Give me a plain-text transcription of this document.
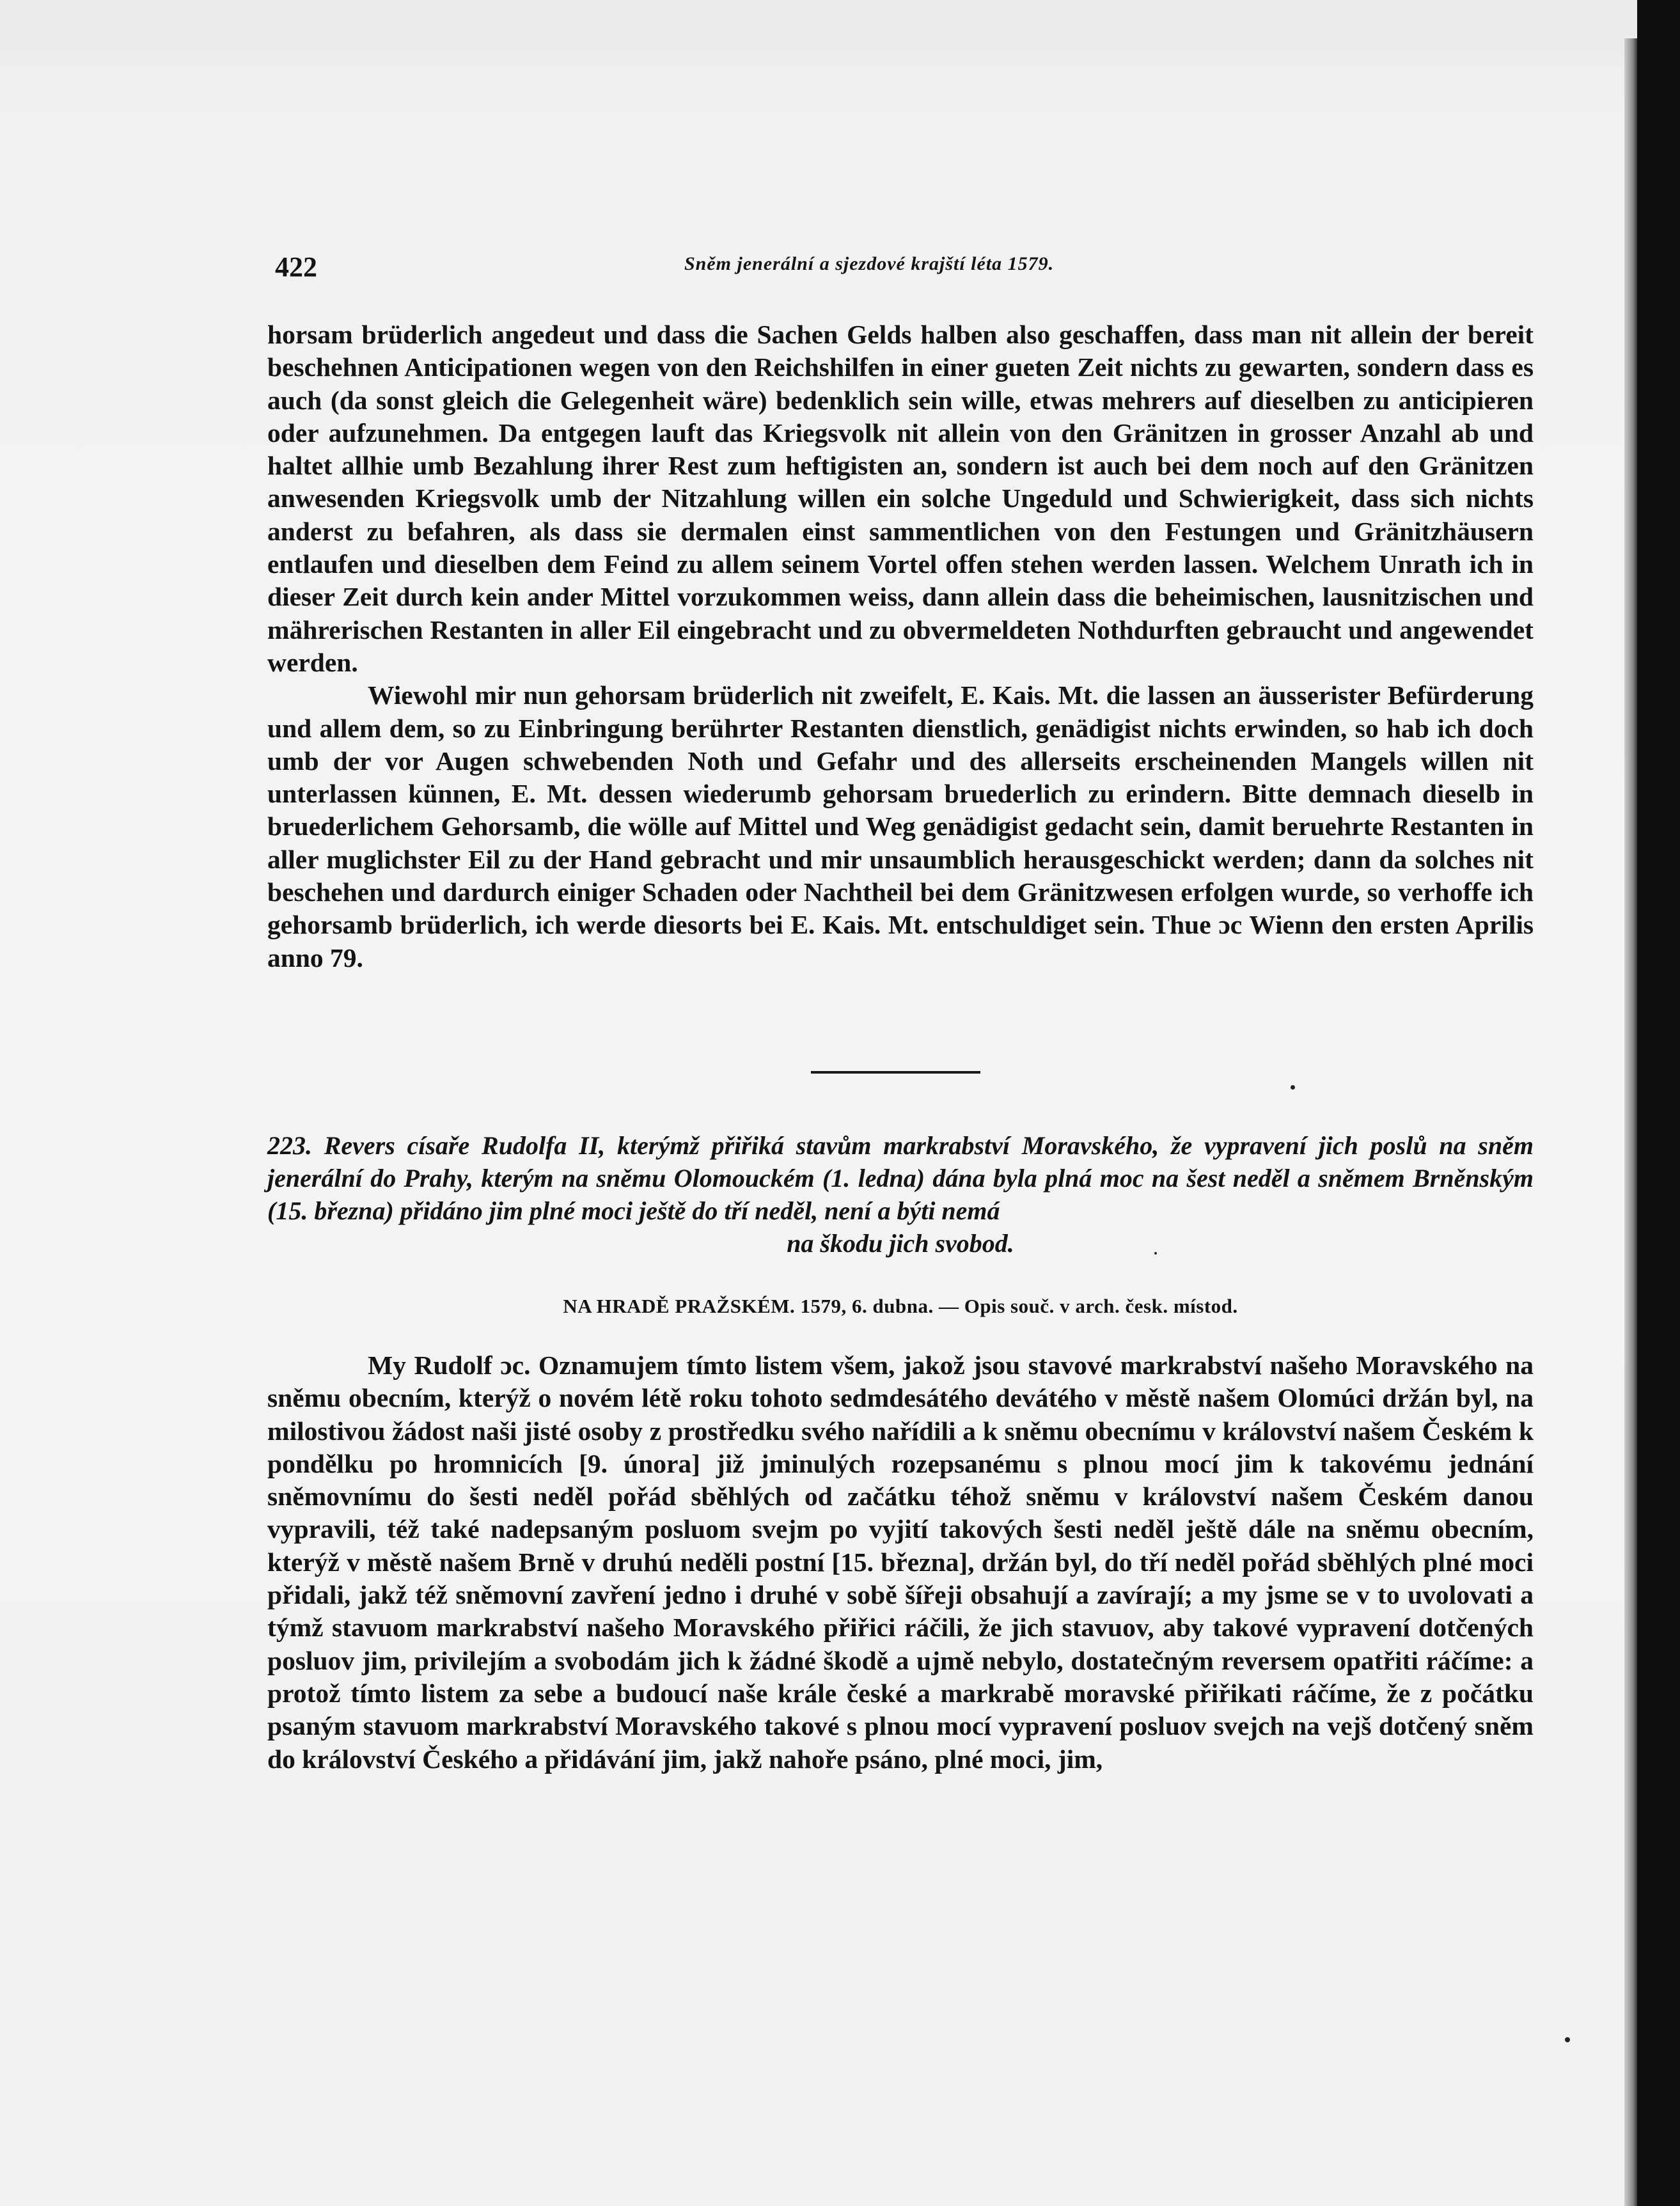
422	Sněm jenerální a sjezdové krajští léta 1579.

horsam brüderlich angedeut und dass die Sachen Gelds halben also geschaffen, dass man nit allein der bereit beschehnen Anticipationen wegen von den Reichshilfen in einer gueten Zeit nichts zu gewarten, sondern dass es auch (da sonst gleich die Gelegenheit wäre) bedenklich sein wille, etwas mehrers auf dieselben zu anticipieren oder aufzunehmen. Da entgegen lauft das Kriegsvolk nit allein von den Gränitzen in grosser Anzahl ab und haltet allhie umb Bezahlung ihrer Rest zum heftigisten an, sondern ist auch bei dem noch auf den Gränitzen anwesenden Kriegsvolk umb der Nitzahlung willen ein solche Ungeduld und Schwierigkeit, dass sich nichts anderst zu befahren, als dass sie dermalen einst sammentlichen von den Festungen und Gränitzhäusern entlaufen und dieselben dem Feind zu allem seinem Vortel offen stehen werden lassen. Welchem Unrath ich in dieser Zeit durch kein ander Mittel vorzukommen weiss, dann allein dass die beheimischen, lausnitzischen und mährerischen Restanten in aller Eil eingebracht und zu obvermeldeten Nothdurften gebraucht und angewendet werden.

Wiewohl mir nun gehorsam brüderlich nit zweifelt, E. Kais. Mt. die lassen an äusserister Befürderung und allem dem, so zu Einbringung berührter Restanten dienstlich, genädigist nichts erwinden, so hab ich doch umb der vor Augen schwebenden Noth und Gefahr und des allerseits erscheinenden Mangels willen nit unterlassen künnen, E. Mt. dessen wiederumb gehorsam bruederlich zu erindern. Bitte demnach dieselb in bruederlichem Gehorsamb, die wölle auf Mittel und Weg genädigist gedacht sein, damit beruehrte Restanten in aller muglichster Eil zu der Hand gebracht und mir unsaumblich herausgeschickt werden; dann da solches nit beschehen und dardurch einiger Schaden oder Nachtheil bei dem Gränitzwesen erfolgen wurde, so verhoffe ich gehorsamb brüderlich, ich werde diesorts bei E. Kais. Mt. entschuldiget sein. Thue ɔc Wienn den ersten Aprilis anno 79.

223. Revers císaře Rudolfa II, kterýmž přiřiká stavům markrabství Moravského, že vypravení jich poslů na sněm jenerální do Prahy, kterým na sněmu Olomouckém (1. ledna) dána byla plná moc na šest neděl a sněmem Brněnským (15. března) přidáno jim plné moci ještě do tří neděl, není a býti nemá
na škodu jich svobod.
NA HRADĚ PRAŽSKÉM. 1579, 6. dubna. — Opis souč. v arch. česk. místod.

My Rudolf ɔc. Oznamujem tímto listem všem, jakož jsou stavové markrabství našeho Moravského na sněmu obecním, kterýž o novém létě roku tohoto sedmdesátého devátého v městě našem Olomúci držán byl, na milostivou žádost naši jisté osoby z prostředku svého nařídili a k sněmu obecnímu v království našem Českém k pondělku po hromnicích [9. února] již jminulých rozepsanému s plnou mocí jim k takovému jednání sněmovnímu do šesti neděl pořád sběhlých od začátku téhož sněmu v království našem Českém danou vypravili, též také nadepsaným posluom svejm po vyjití takových šesti neděl ještě dále na sněmu obecním, kterýž v městě našem Brně v druhú neděli postní [15. března], držán byl, do tří neděl pořád sběhlých plné moci přidali, jakž též sněmovní zavření jedno i druhé v sobě šířeji obsahují a zavírají; a my jsme se v to uvolovati a týmž stavuom markrabství našeho Moravského přiřici ráčili, že jich stavuov, aby takové vypravení dotčených posluov jim, privilejím a svobodám jich k žádné škodě a ujmě nebylo, dostatečným reversem opatřiti ráčíme: a protož tímto listem za sebe a budoucí naše krále české a markrabě moravské přiřikati ráčíme, že z počátku psaným stavuom markrabství Moravského takové s plnou mocí vypravení posluov svejch na vejš dotčený sněm do království Českého a přidávání jim, jakž nahoře psáno, plné moci, jim,
